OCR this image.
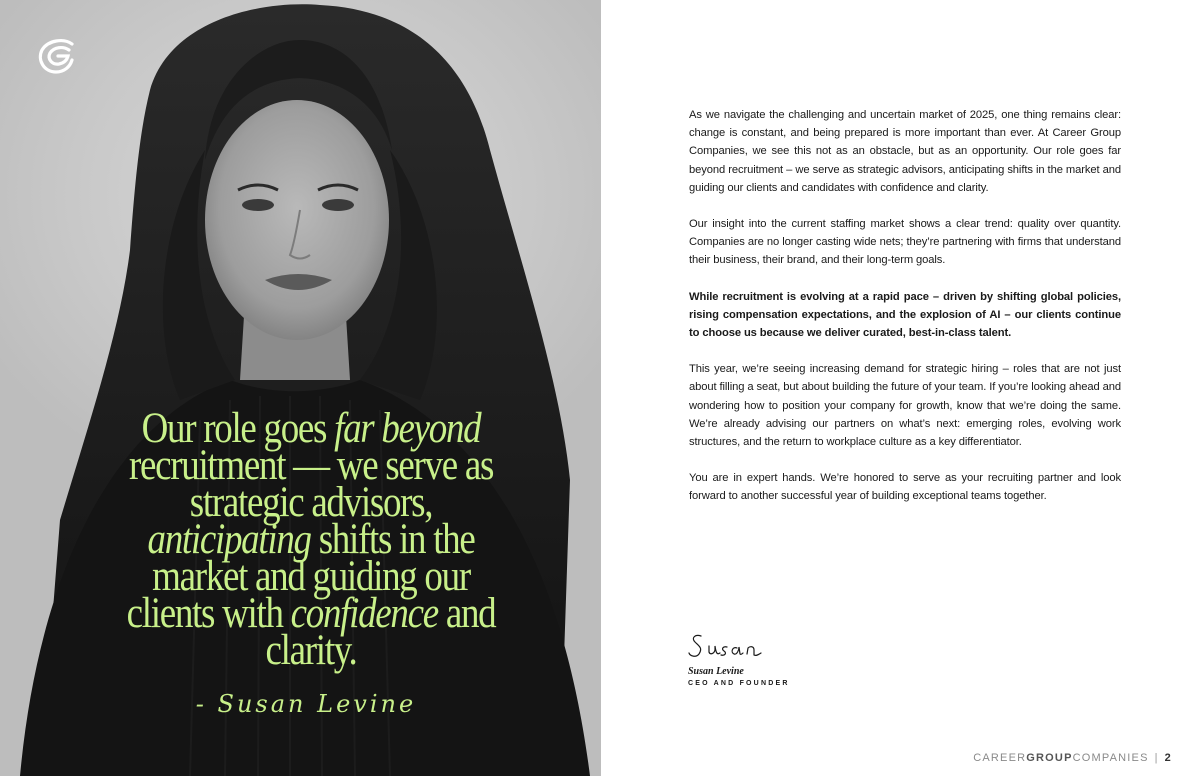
Our role goes far beyond recruitment — we serve as strategic advisors, anticipating shifts in the market and guiding our clients with confidence and clarity.

- Susan Levine

As we navigate the challenging and uncertain market of 2025, one thing remains clear: change is constant, and being prepared is more important than ever. At Career Group Companies, we see this not as an obstacle, but as an opportunity. Our role goes far beyond recruitment – we serve as strategic advisors, anticipating shifts in the market and guiding our clients and candidates with confidence and clarity.

Our insight into the current staffing market shows a clear trend: quality over quantity. Companies are no longer casting wide nets; they’re partnering with firms that understand their business, their brand, and their long-term goals.

While recruitment is evolving at a rapid pace – driven by shifting global policies, rising compensation expectations, and the explosion of AI – our clients continue to choose us because we deliver curated, best-in-class talent.

This year, we’re seeing increasing demand for strategic hiring – roles that are not just about filling a seat, but about building the future of your team. If you’re looking ahead and wondering how to position your company for growth, know that we’re doing the same. We’re already advising our partners on what’s next: emerging roles, evolving work structures, and the return to workplace culture as a key differentiator.

You are in expert hands. We’re honored to serve as your recruiting partner and look forward to another successful year of building exceptional teams together.

Susan Levine
CEO AND FOUNDER
CAREERGROUPCOMPANIES | 2
